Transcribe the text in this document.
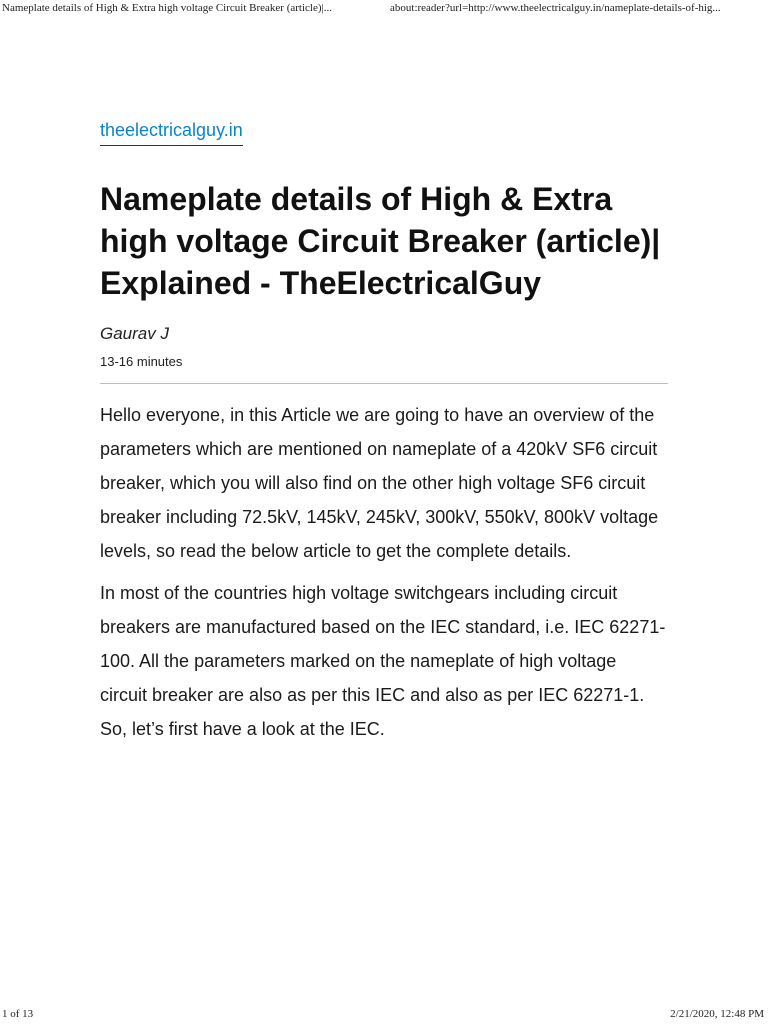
Nameplate details of High & Extra high voltage Circuit Breaker (article)|...	about:reader?url=http://www.theelectricalguy.in/nameplate-details-of-hig...
theelectricalguy.in
Nameplate details of High & Extra high voltage Circuit Breaker (article)| Explained - TheElectricalGuy
Gaurav J
13-16 minutes

Hello everyone, in this Article we are going to have an overview of the parameters which are mentioned on nameplate of a 420kV SF6 circuit breaker, which you will also find on the other high voltage SF6 circuit breaker including 72.5kV, 145kV, 245kV, 300kV, 550kV, 800kV voltage levels, so read the below article to get the complete details.

In most of the countries high voltage switchgears including circuit breakers are manufactured based on the IEC standard, i.e. IEC 62271-100. All the parameters marked on the nameplate of high voltage circuit breaker are also as per this IEC and also as per IEC 62271-1. So, let’s first have a look at the IEC.

1 of 13	2/21/2020, 12:48 PM
